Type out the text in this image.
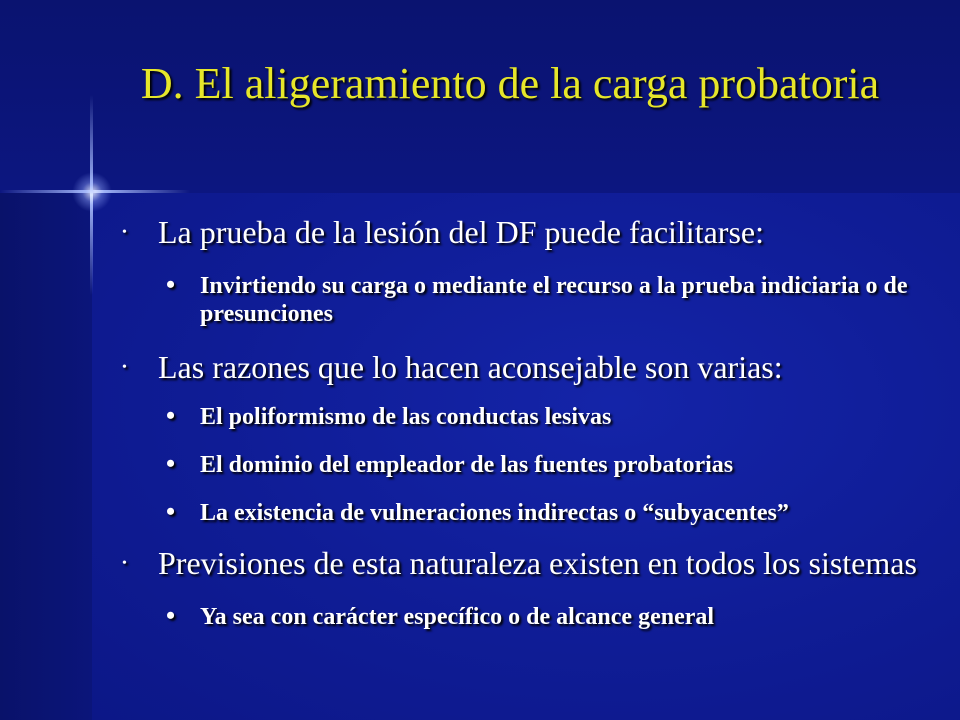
D. El aligeramiento de la carga probatoria
• La prueba de la lesión del DF puede facilitarse:
• Invirtiendo su carga o mediante el recurso a la prueba indiciaria o de presunciones
• Las razones que lo hacen aconsejable son varias:
• El poliformismo de las conductas lesivas
• El dominio del empleador de las fuentes probatorias
• La existencia de vulneraciones indirectas o “subyacentes”
• Previsiones de esta naturaleza existen en todos los sistemas
• Ya sea con carácter específico o de alcance general
